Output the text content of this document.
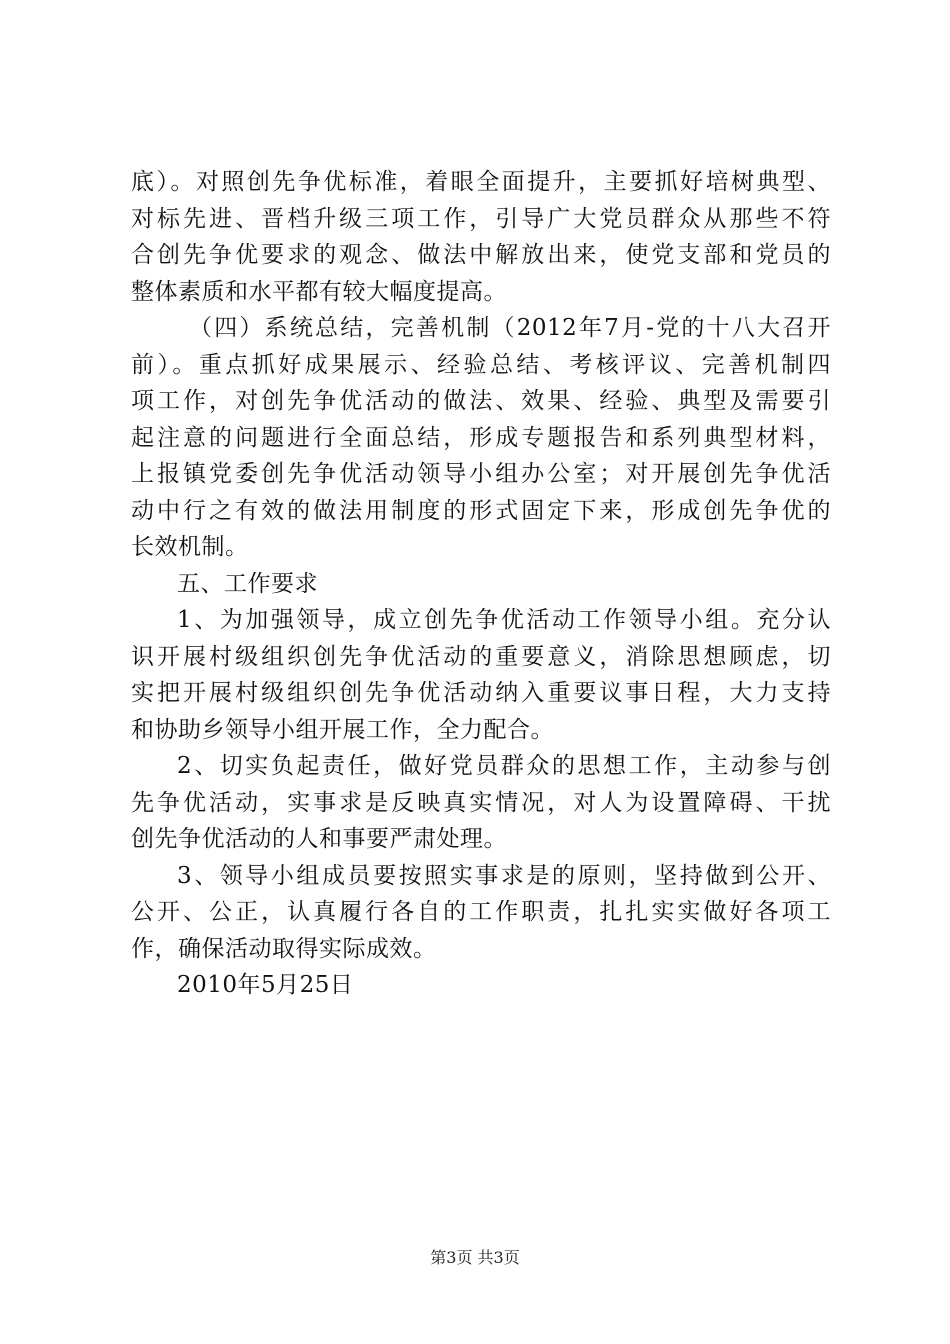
底）。对照创先争优标准，着眼全面提升，主要抓好培树典型、
对标先进、晋档升级三项工作，引导广大党员群众从那些不符
合创先争优要求的观念、做法中解放出来，使党支部和党员的
整体素质和水平都有较大幅度提高。
（四）系统总结，完善机制（2012年7月-党的十八大召开
前）。重点抓好成果展示、经验总结、考核评议、完善机制四
项工作，对创先争优活动的做法、效果、经验、典型及需要引
起注意的问题进行全面总结，形成专题报告和系列典型材料，
上报镇党委创先争优活动领导小组办公室；对开展创先争优活
动中行之有效的做法用制度的形式固定下来，形成创先争优的
长效机制。
五、工作要求
1、为加强领导，成立创先争优活动工作领导小组。充分认
识开展村级组织创先争优活动的重要意义，消除思想顾虑，切
实把开展村级组织创先争优活动纳入重要议事日程，大力支持
和协助乡领导小组开展工作，全力配合。
2、切实负起责任，做好党员群众的思想工作，主动参与创
先争优活动，实事求是反映真实情况，对人为设置障碍、干扰
创先争优活动的人和事要严肃处理。
3、领导小组成员要按照实事求是的原则，坚持做到公开、
公开、公正，认真履行各自的工作职责，扎扎实实做好各项工
作，确保活动取得实际成效。
2010年5月25日
第3页 共3页
